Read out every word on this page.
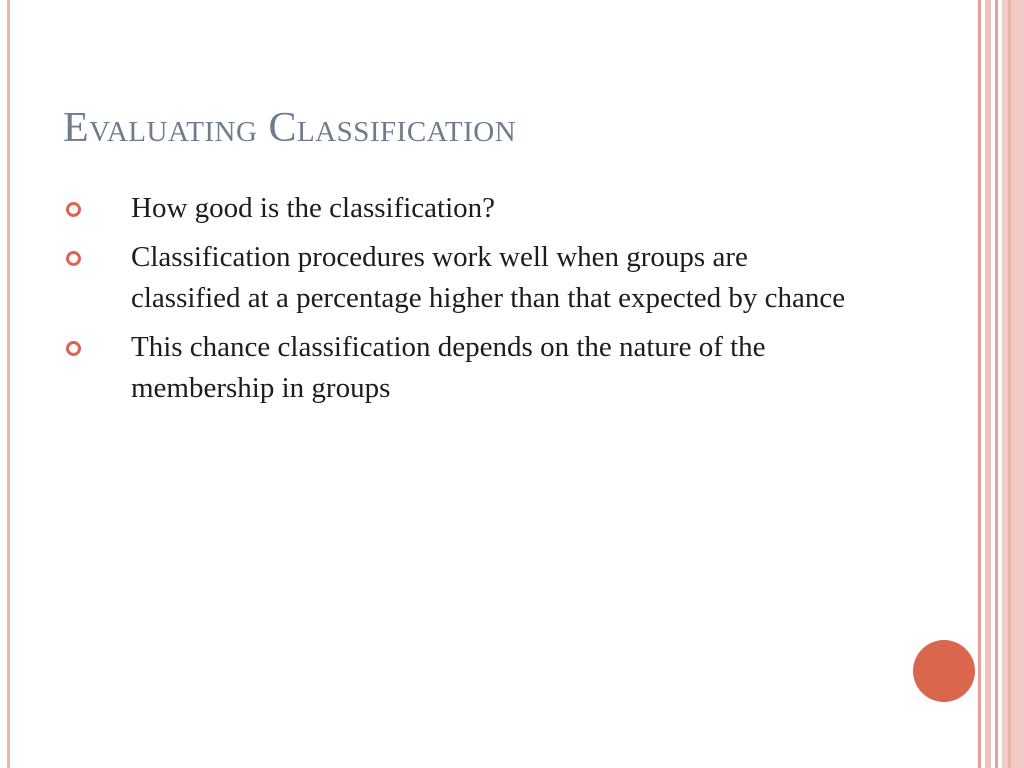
Evaluating Classification
How good is the classification?
Classification procedures work well when groups are classified at a percentage higher than that expected by chance
This chance classification depends on the nature of the membership in groups
